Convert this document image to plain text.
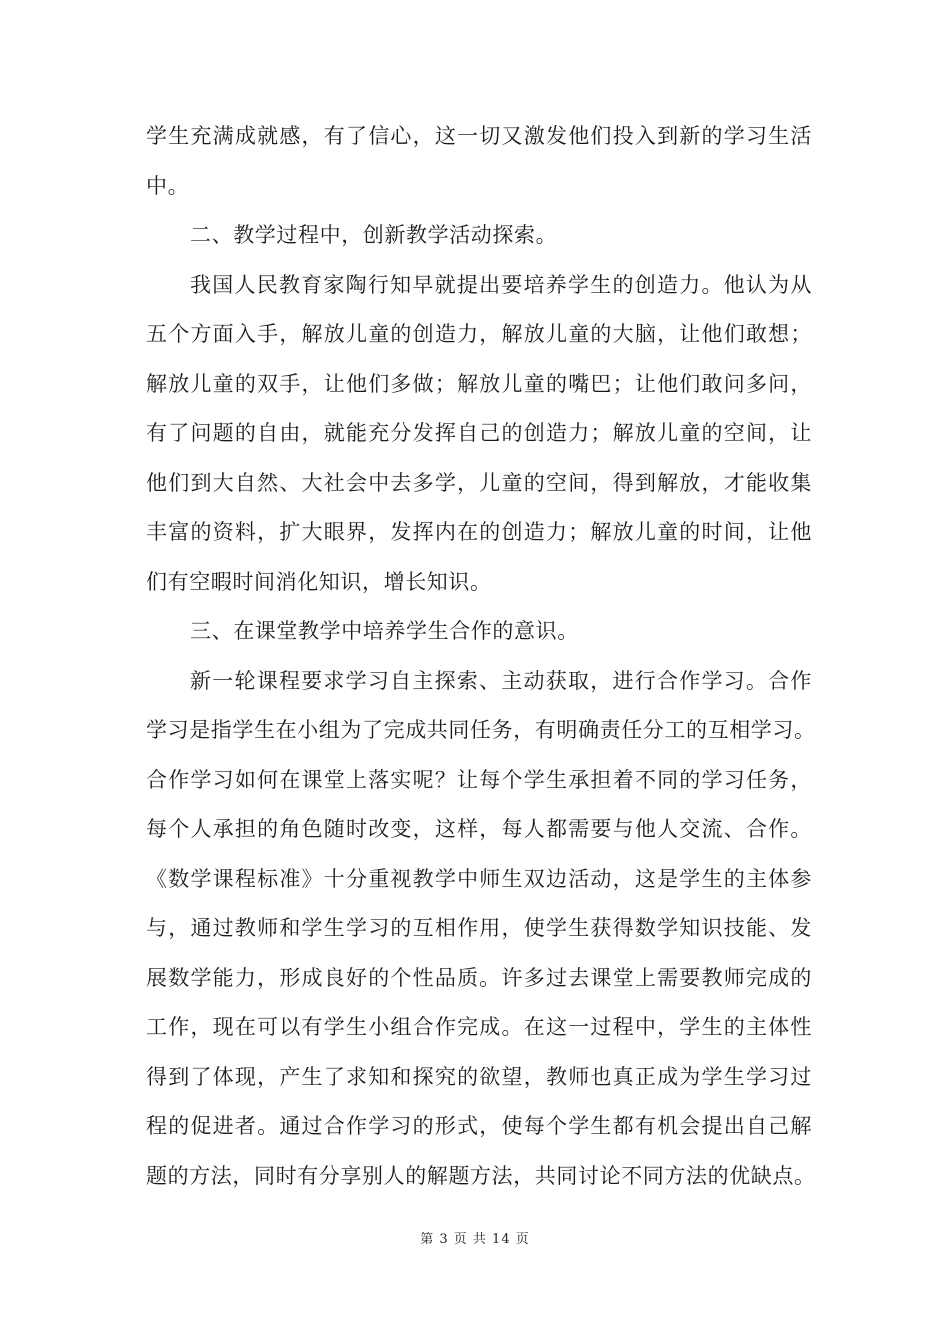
学生充满成就感，有了信心，这一切又激发他们投入到新的学习生活
中。
二、教学过程中，创新教学活动探索。
我国人民教育家陶行知早就提出要培养学生的创造力。他认为从
五个方面入手，解放儿童的创造力，解放儿童的大脑，让他们敢想；
解放儿童的双手，让他们多做；解放儿童的嘴巴；让他们敢问多问，
有了问题的自由，就能充分发挥自己的创造力；解放儿童的空间，让
他们到大自然、大社会中去多学，儿童的空间，得到解放，才能收集
丰富的资料，扩大眼界，发挥内在的创造力；解放儿童的时间，让他
们有空暇时间消化知识，增长知识。
三、在课堂教学中培养学生合作的意识。
新一轮课程要求学习自主探索、主动获取，进行合作学习。合作
学习是指学生在小组为了完成共同任务，有明确责任分工的互相学习。
合作学习如何在课堂上落实呢？让每个学生承担着不同的学习任务，
每个人承担的角色随时改变，这样，每人都需要与他人交流、合作。
《数学课程标准》十分重视教学中师生双边活动，这是学生的主体参
与，通过教师和学生学习的互相作用，使学生获得数学知识技能、发
展数学能力，形成良好的个性品质。许多过去课堂上需要教师完成的
工作，现在可以有学生小组合作完成。在这一过程中，学生的主体性
得到了体现，产生了求知和探究的欲望，教师也真正成为学生学习过
程的促进者。通过合作学习的形式，使每个学生都有机会提出自己解
题的方法，同时有分享别人的解题方法，共同讨论不同方法的优缺点。
第 3 页 共 14 页
